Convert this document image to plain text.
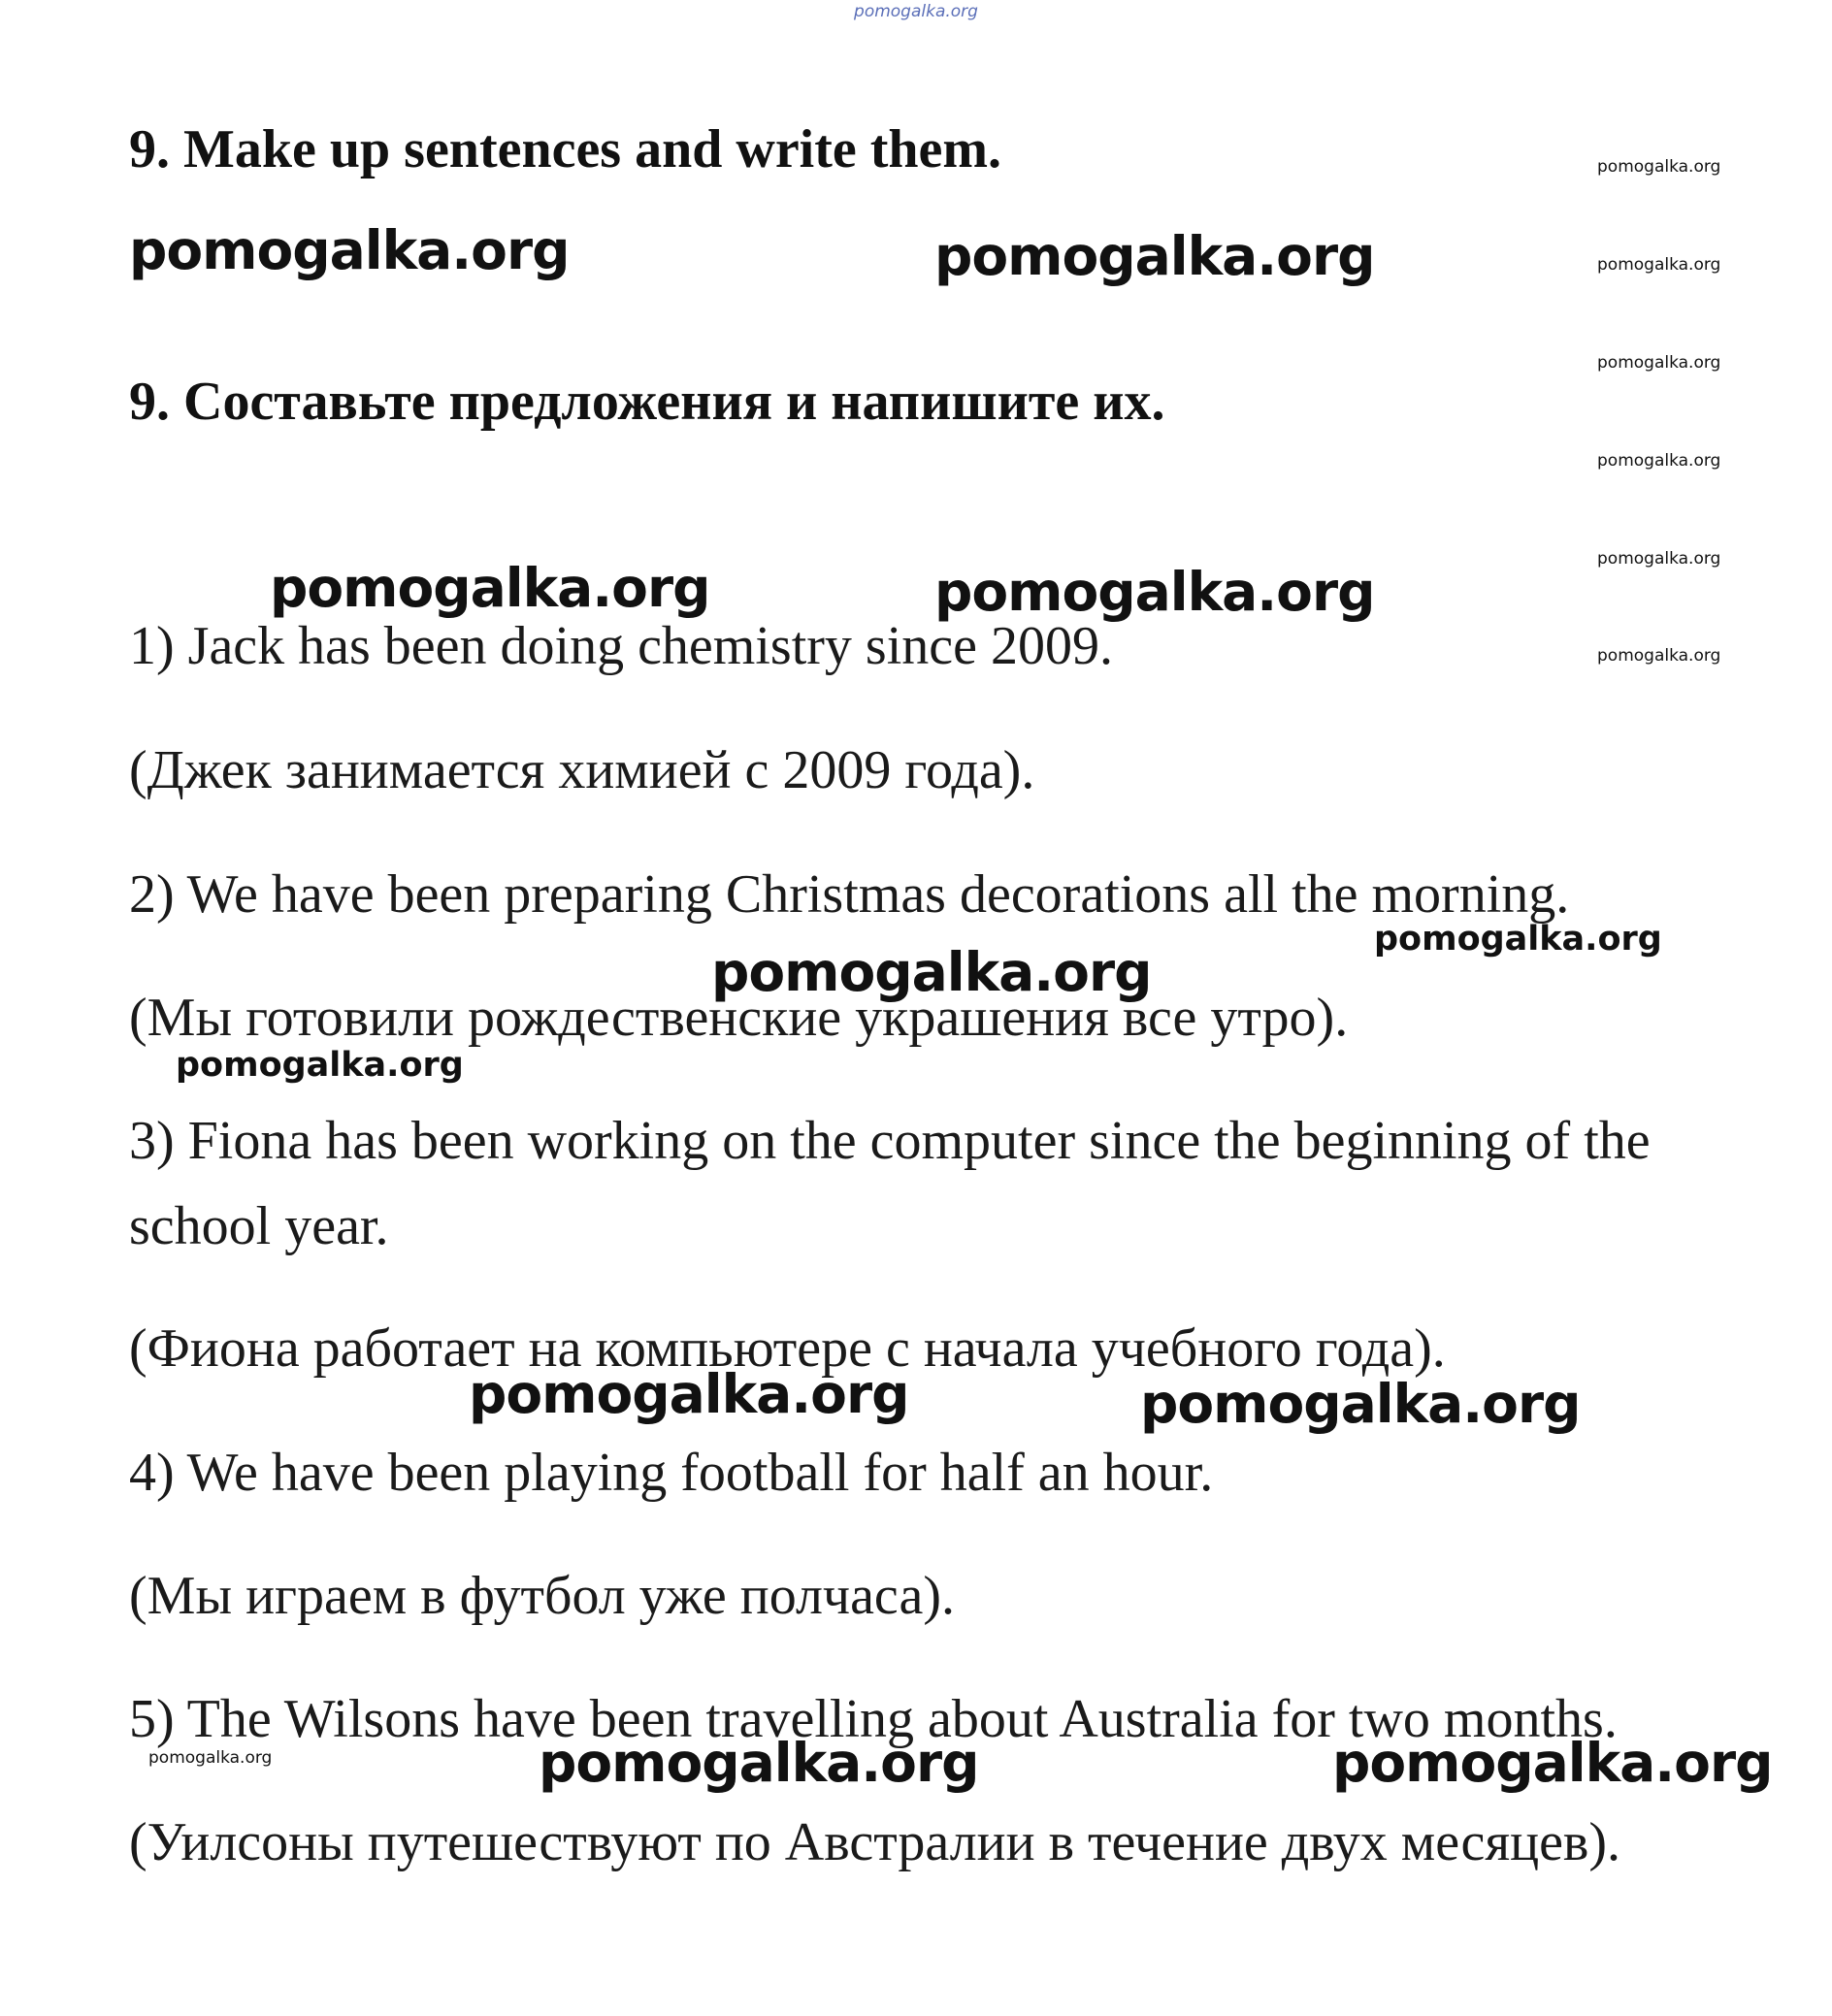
pomogalka.org
9. Make up sentences and write them.
9. Составьте предложения и напишите их.
pomogalka.org
pomogalka.org
pomogalka.org
pomogalka.org
pomogalka.org
pomogalka.org
pomogalka.org
pomogalka.org	pomogalka.org
pomogalka.org	pomogalka.org
pomogalka.org
pomogalka.org	pomogalka.org
pomogalka.org	pomogalka.org
pomogalka.org
pomogalka.org
1) Jack has been doing chemistry since 2009.
(Джек занимается химией с 2009 года).
2) We have been preparing Christmas decorations all the morning.
(Мы готовили рождественские украшения все утро).
3) Fiona has been working on the computer since the beginning of the
school year.
(Фиона работает на компьютере с начала учебного года).
4) We have been playing football for half an hour.
(Мы играем в футбол уже полчаса).
5) The Wilsons have been travelling about Australia for two months.
(Уилсоны путешествуют по Австралии в течение двух месяцев).
